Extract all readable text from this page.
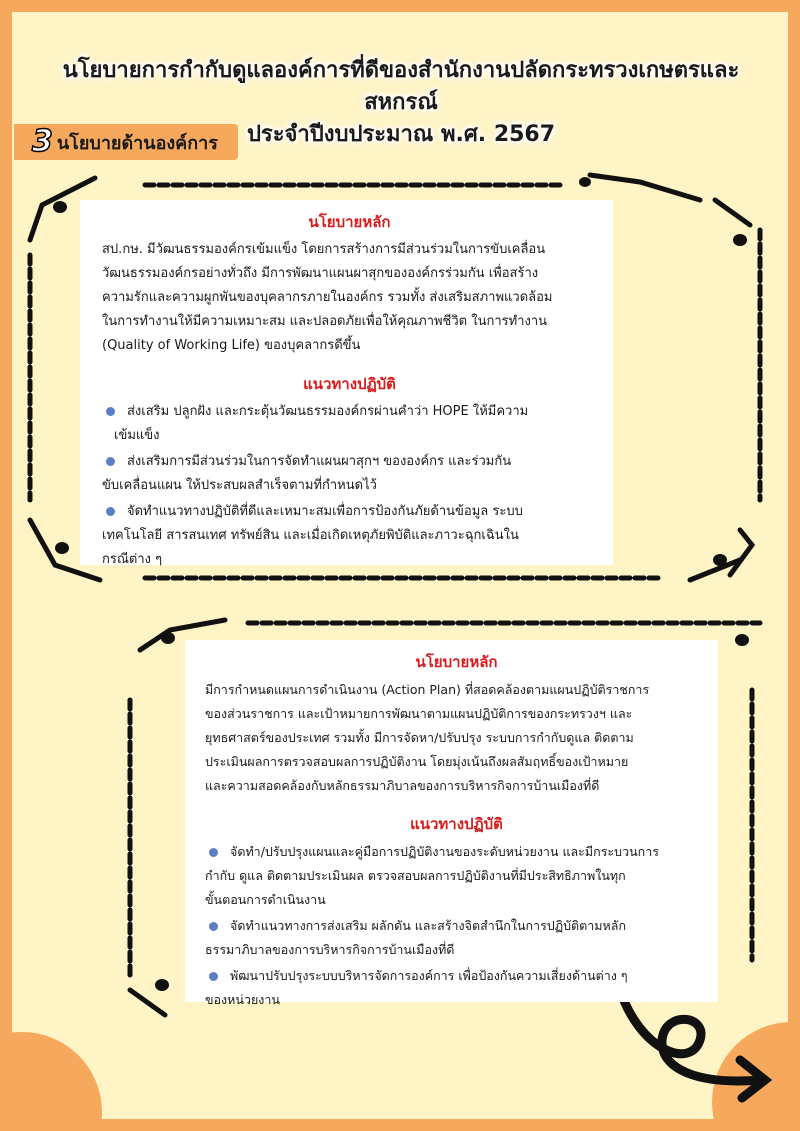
นโยบายการกำกับดูแลองค์การที่ดีของสำนักงานปลัดกระทรวงเกษตรและสหกรณ์
ประจำปีงบประมาณ พ.ศ. 2567
3 นโยบายด้านองค์การ

นโยบายหลัก

สป.กษ. มีวัฒนธรรมองค์กรเข้มแข็ง โดยการสร้างการมีส่วนร่วมในการขับเคลื่อน

วัฒนธรรมองค์กรอย่างทั่วถึง มีการพัฒนาแผนผาสุกขององค์กรร่วมกัน เพื่อสร้าง

ความรักและความผูกพันของบุคลากรภายในองค์กร รวมทั้ง ส่งเสริมสภาพแวดล้อม

ในการทำงานให้มีความเหมาะสม และปลอดภัยเพื่อให้คุณภาพชีวิต ในการทำงาน

(Quality of Working Life) ของบุคลากรดีขึ้น

แนวทางปฏิบัติ

ส่งเสริม ปลูกฝัง และกระตุ้นวัฒนธรรมองค์กรผ่านคำว่า HOPE ให้มีความ
เข้มแข็ง
ส่งเสริมการมีส่วนร่วมในการจัดทำแผนผาสุกฯ ขององค์กร และร่วมกัน
ขับเคลื่อนแผน ให้ประสบผลสำเร็จตามที่กำหนดไว้
จัดทำแนวทางปฏิบัติที่ดีและเหมาะสมเพื่อการป้องกันภัยด้านข้อมูล ระบบ
เทคโนโลยี สารสนเทศ ทรัพย์สิน และเมื่อเกิดเหตุภัยพิบัติและภาวะฉุกเฉินใน
กรณีต่าง ๆ

นโยบายหลัก

มีการกำหนดแผนการดำเนินงาน (Action Plan) ที่สอดคล้องตามแผนปฏิบัติราชการ

ของส่วนราชการ และเป้าหมายการพัฒนาตามแผนปฏิบัติการของกระทรวงฯ และ

ยุทธศาสตร์ของประเทศ รวมทั้ง มีการจัดหา/ปรับปรุง ระบบการกำกับดูแล ติดตาม

ประเมินผลการตรวจสอบผลการปฏิบัติงาน โดยมุ่งเน้นถึงผลสัมฤทธิ์ของเป้าหมาย

และความสอดคล้องกับหลักธรรมาภิบาลของการบริหารกิจการบ้านเมืองที่ดี

แนวทางปฏิบัติ

จัดทำ/ปรับปรุงแผนและคู่มือการปฏิบัติงานของระดับหน่วยงาน และมีกระบวนการ
กำกับ ดูแล ติดตามประเมินผล ตรวจสอบผลการปฏิบัติงานที่มีประสิทธิภาพในทุก
ขั้นตอนการดำเนินงาน
จัดทำแนวทางการส่งเสริม ผลักดัน และสร้างจิตสำนึกในการปฏิบัติตามหลัก
ธรรมาภิบาลของการบริหารกิจการบ้านเมืองที่ดี
พัฒนาปรับปรุงระบบบริหารจัดการองค์การ เพื่อป้องกันความเสี่ยงด้านต่าง ๆ
ของหน่วยงาน
